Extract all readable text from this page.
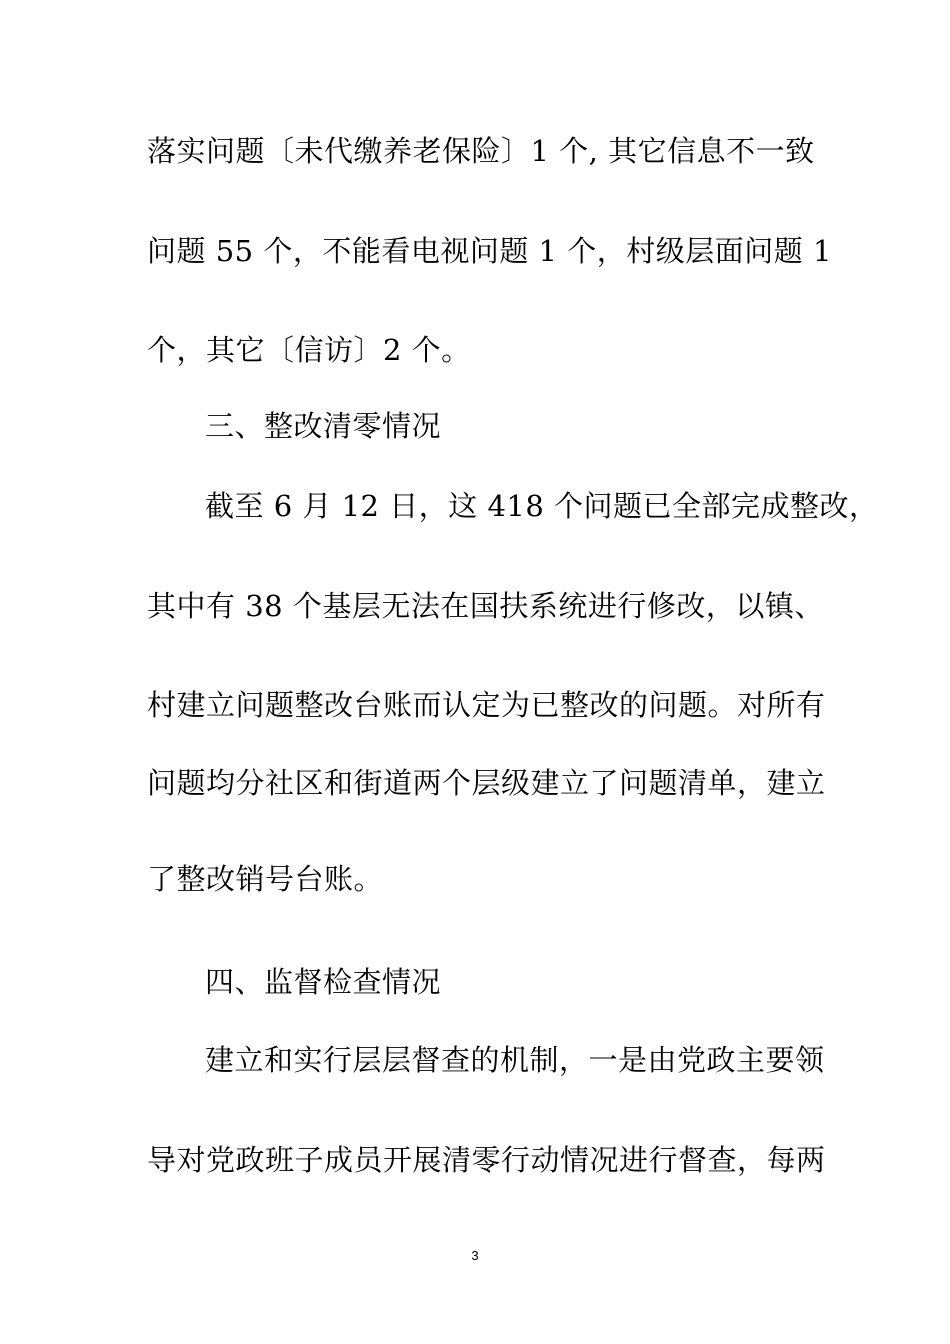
落实问题〔未代缴养老保险〕1 个, 其它信息不一致
问题 55 个，不能看电视问题 1 个，村级层面问题 1
个，其它〔信访〕2 个。
三、整改清零情况
截至 6 月 12 日，这 418 个问题已全部完成整改，
其中有 38 个基层无法在国扶系统进行修改，以镇、
村建立问题整改台账而认定为已整改的问题。对所有
问题均分社区和街道两个层级建立了问题清单，建立
了整改销号台账。
四、监督检查情况
建立和实行层层督查的机制，一是由党政主要领
导对党政班子成员开展清零行动情况进行督查，每两
3
